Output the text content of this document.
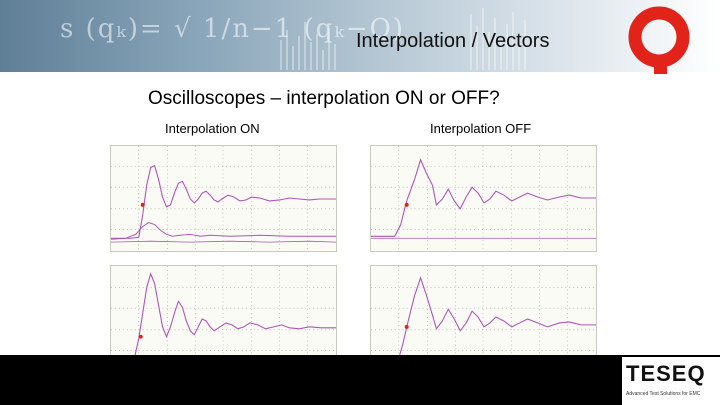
s (qₖ)= √ 1/n−1 (qₖ−Q)
Interpolation / Vectors
Oscilloscopes – interpolation ON or OFF?
Interpolation ON	Interpolation OFF
TESEQ
Advanced Test Solutions for EMC
